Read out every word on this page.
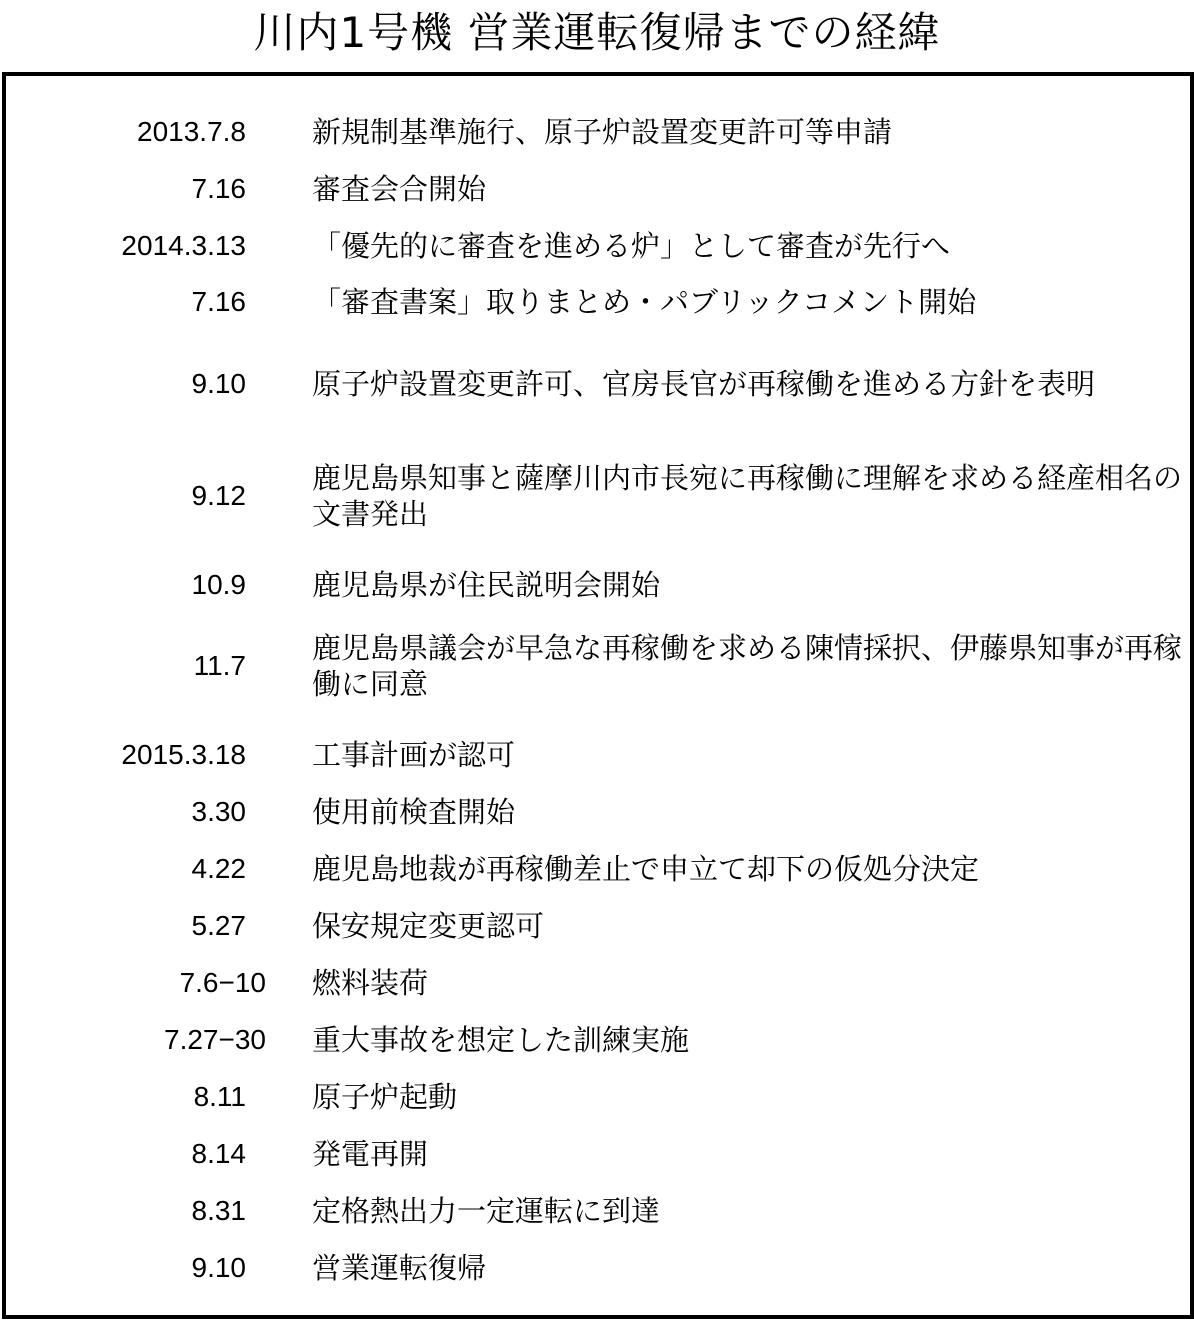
川内1号機 営業運転復帰までの経緯
2013.7.8 新規制基準施行、原子炉設置変更許可等申請
7.16 審査会合開始
2014.3.13 「優先的に審査を進める炉」として審査が先行へ
7.16 「審査書案」取りまとめ・パブリックコメント開始
9.10 原子炉設置変更許可、官房長官が再稼働を進める方針を表明
9.12
鹿児島県知事と薩摩川内市長宛に再稼働に理解を求める経産相名の文書発出
10.9 鹿児島県が住民説明会開始
11.7
鹿児島県議会が早急な再稼働を求める陳情採択、伊藤県知事が再稼働に同意
2015.3.18 工事計画が認可
3.30 使用前検査開始
4.22 鹿児島地裁が再稼働差止で申立て却下の仮処分決定
5.27 保安規定変更認可
7.6−10 燃料装荷
7.27−30 重大事故を想定した訓練実施
8.11 原子炉起動
8.14 発電再開
8.31 定格熱出力一定運転に到達
9.10 営業運転復帰
